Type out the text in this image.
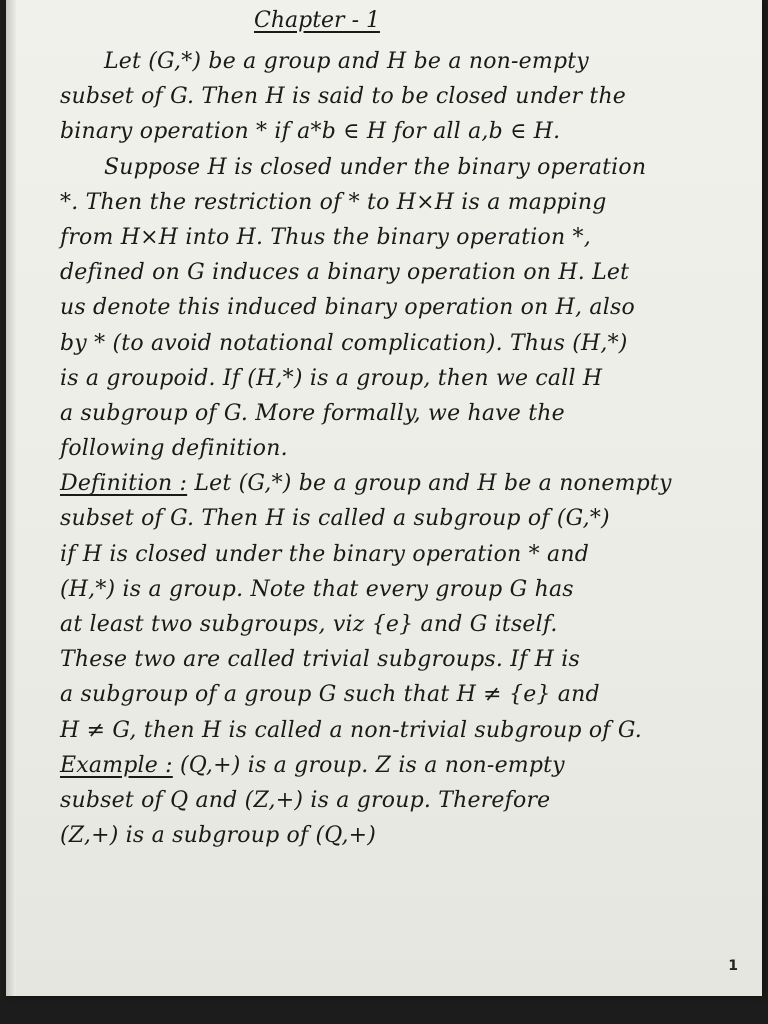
Chapter - 1
Let (G,*) be a group and H be a non-empty
subset of G. Then H is said to be closed under the
binary operation * if a*b ∈ H for all a,b ∈ H.
Suppose H is closed under the binary operation
*. Then the restriction of * to H×H is a mapping
from H×H into H. Thus the binary operation *,
defined on G induces a binary operation on H. Let
us denote this induced binary operation on H, also
by * (to avoid notational complication). Thus (H,*)
is a groupoid. If (H,*) is a group, then we call H
a subgroup of G. More formally, we have the
following definition.
Definition : Let (G,*) be a group and H be a nonempty
subset of G. Then H is called a subgroup of (G,*)
if H is closed under the binary operation * and
(H,*) is a group. Note that every group G has
at least two subgroups, viz {e} and G itself.
These two are called trivial subgroups. If H is
a subgroup of a group G such that H ≠ {e} and
H ≠ G, then H is called a non-trivial subgroup of G.
Example : (Q,+) is a group. Z is a non-empty
subset of Q and (Z,+) is a group. Therefore
(Z,+) is a subgroup of (Q,+)
1
